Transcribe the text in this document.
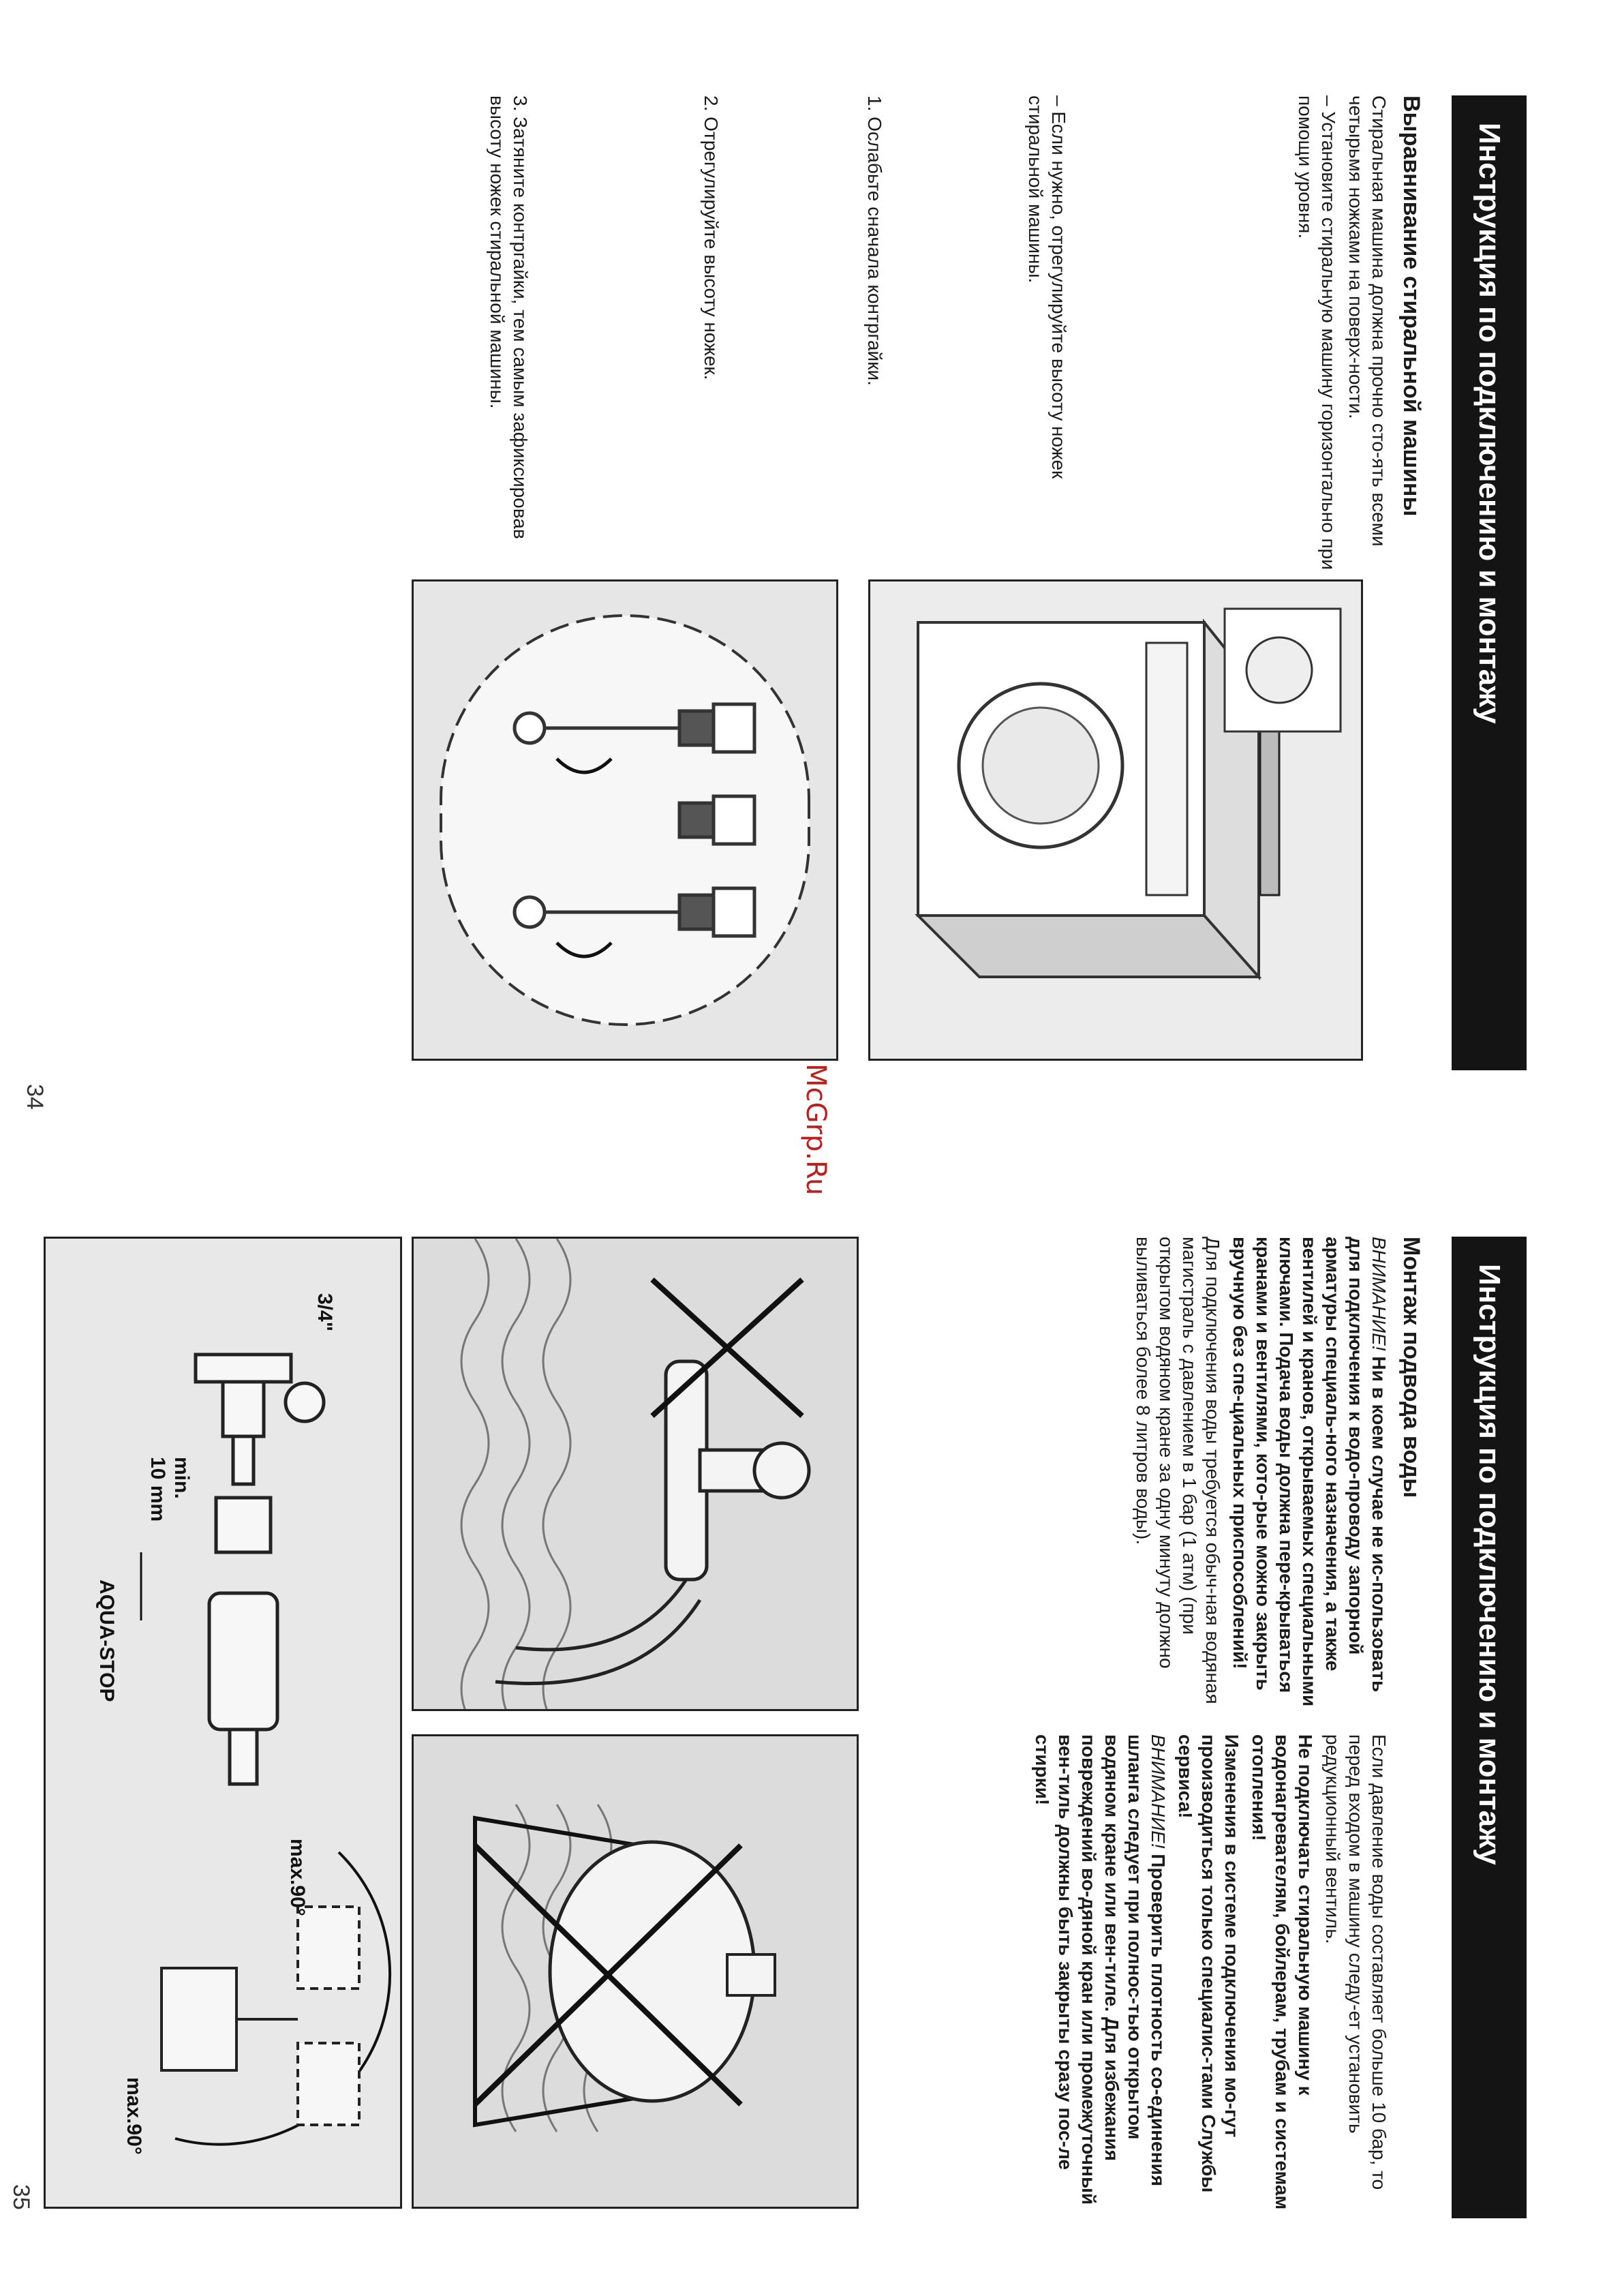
Инструкция по подключению и монтажу
Выравнивание стиральной машины

Стиральная машина должна прочно сто-ять всеми четырьмя ножками на поверх-ности.

– Установите стиральную машину горизонтально при помощи уровня.

– Если нужно, отрегулируйте высоту ножек стиральной машины.
1. Ослабьте сначала контргайки.
2. Отрегулируйте высоту ножек.
3. Затяните контргайки, тем самым зафиксировав высоту ножек стиральной машины.
34	McGrp.Ru
Инструкция по подключению и монтажу
Монтаж подвода воды

ВНИМАНИЕ! Ни в коем случае не ис-пользовать для подключения к водо-проводу запорной арматуры специаль-ного назначения, а также вентилей и кранов, открываемых специальными ключами. Подача воды должна пере-крываться кранами и вентилями, кото-рые можно закрыть вручную без спе-циальных приспособлений!

Для подключения воды требуется обыч-ная водяная магистраль с давлением в 1 бар (1 атм) (при открытом водяном кране за одну минуту должно выливаться более 8 литров воды).

Если давление воды составляет больше 10 бар, то перед входом в машину следу-ет установить редукционный вентиль.

Не подключать стиральную машину к водонагревателям, бойлерам, трубам и системам отопления!

Изменения в системе подключения мо-гут производиться только специалис-тами Службы сервиса!

ВНИМАНИЕ! Проверить плотность со-единения шланга следует при полнос-тью открытом водяном кране или вен-тиле. Для избежания повреждений во-дяной кран или промежуточный вен-тиль должны быть закрыты сразу пос-ле стирки!

3/4"
min.
10 mm
AQUA-STOP
max.90°
max.90°
35
